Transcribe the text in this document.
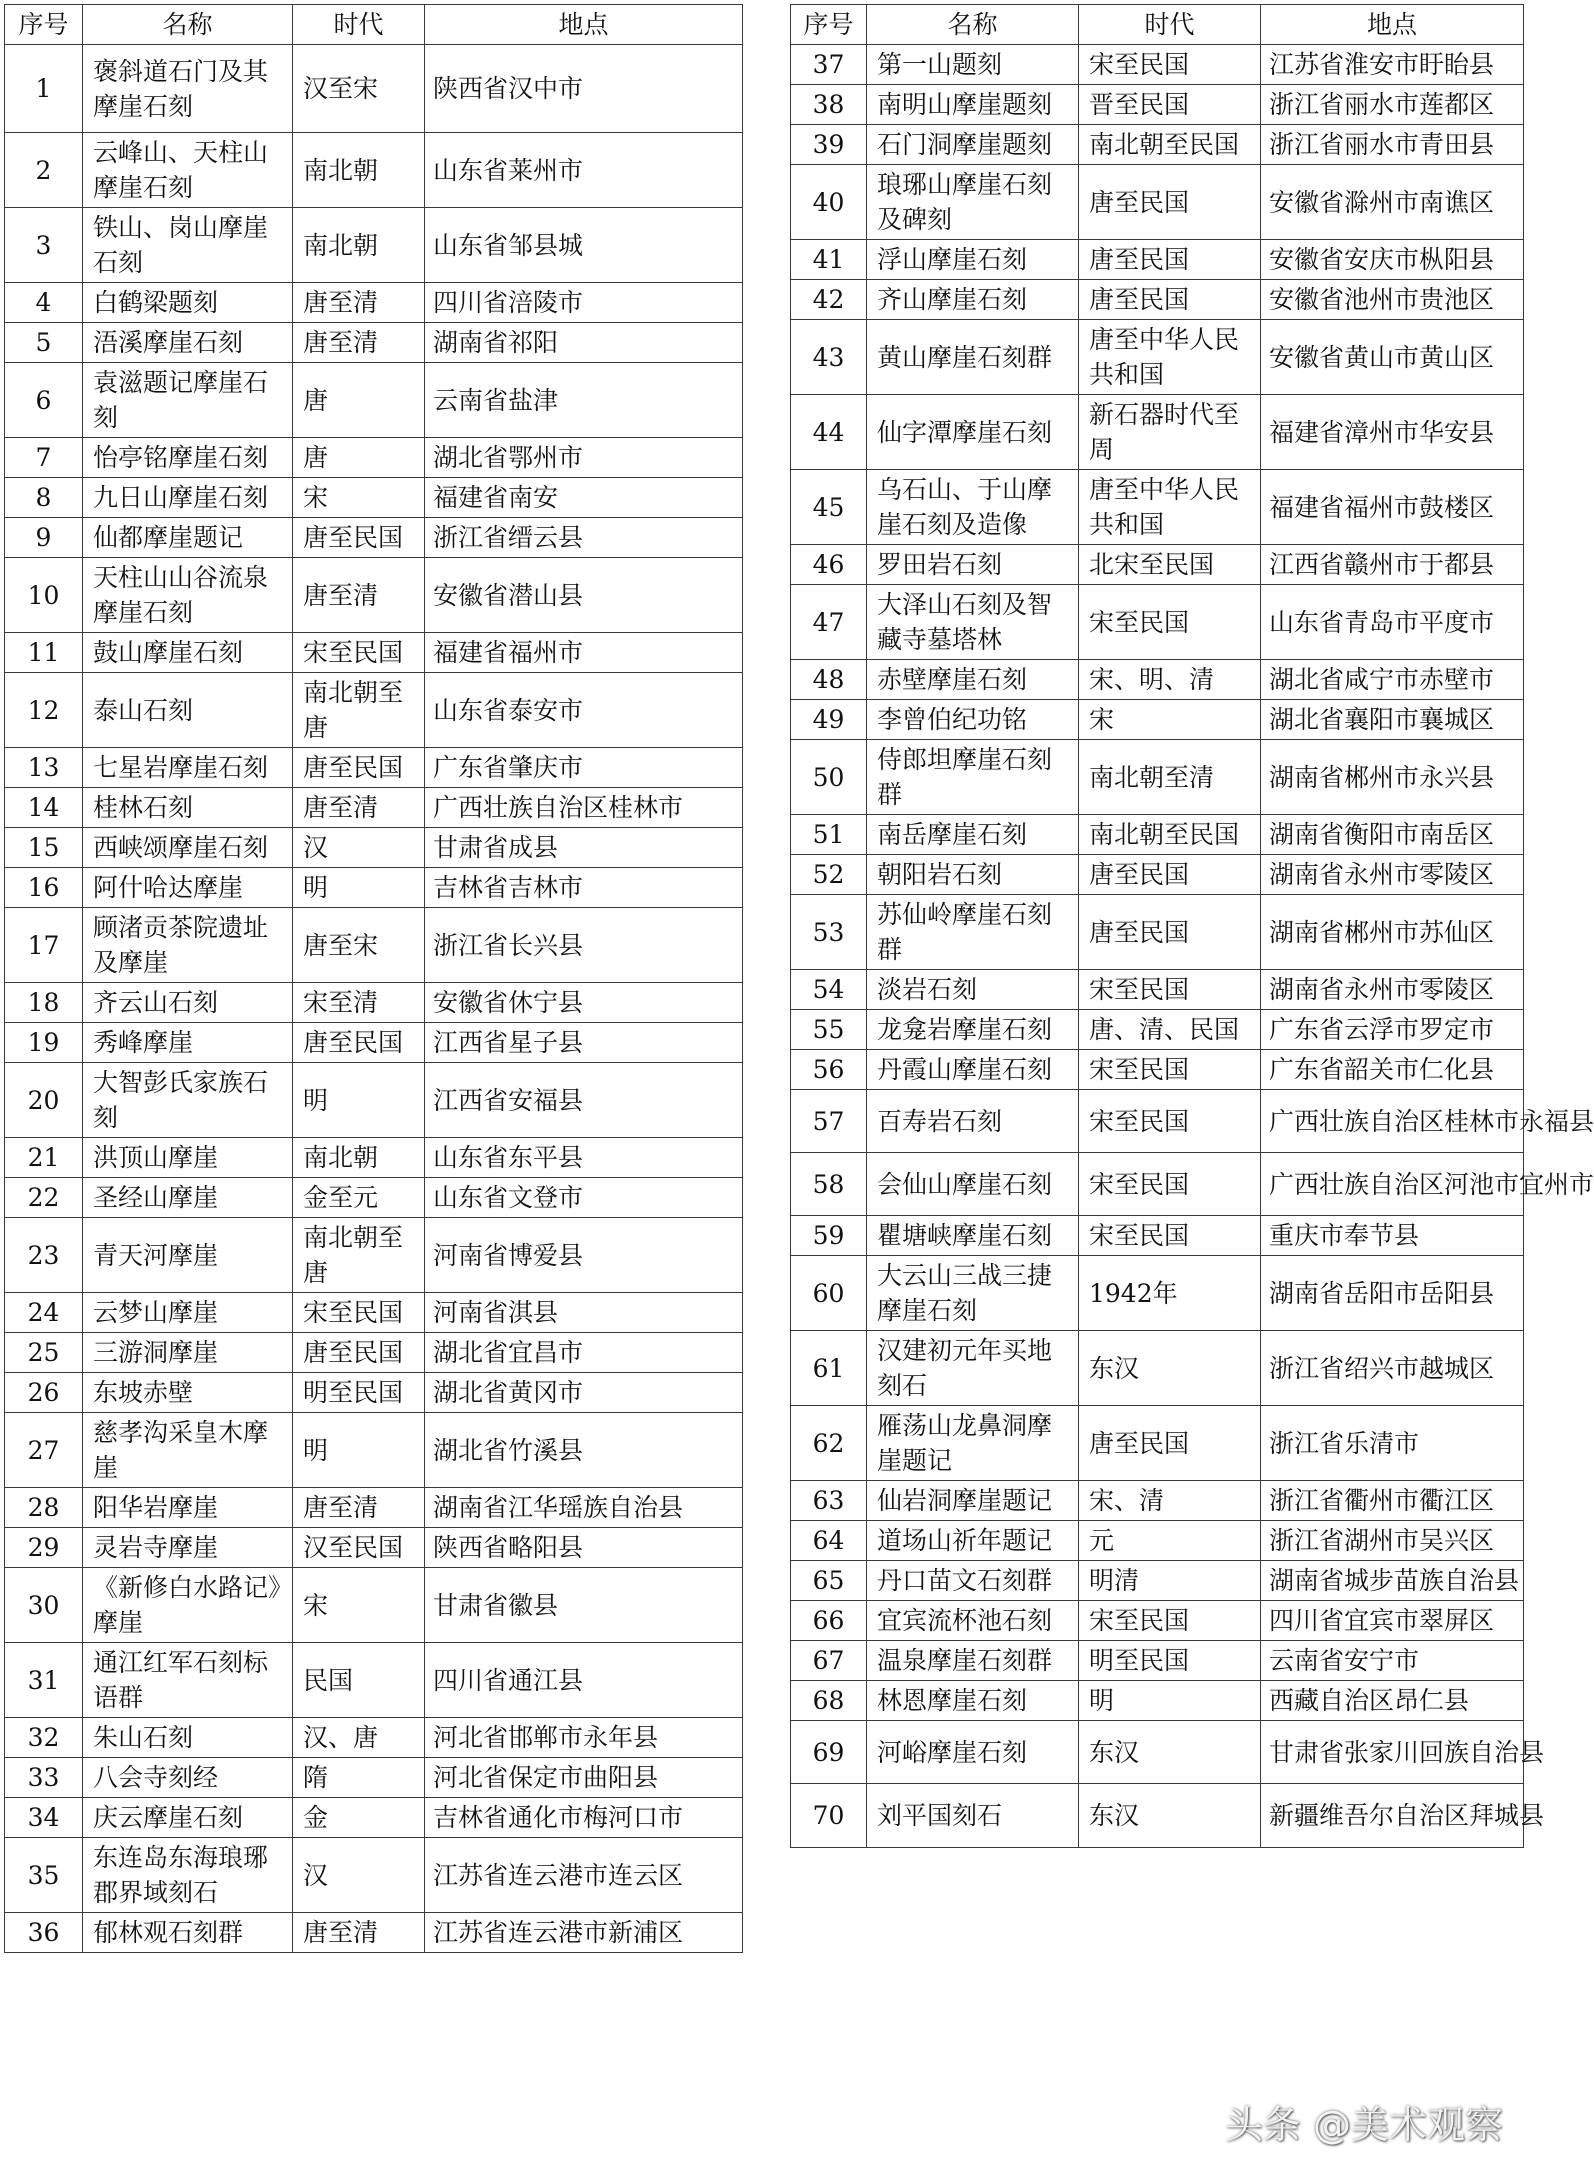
序号	名称	时代	地点
1	褒斜道石门及其摩崖石刻	汉至宋	陕西省汉中市
2	云峰山、天柱山摩崖石刻	南北朝	山东省莱州市
3	铁山、岗山摩崖石刻	南北朝	山东省邹县城
4	白鹤梁题刻	唐至清	四川省涪陵市
5	浯溪摩崖石刻	唐至清	湖南省祁阳
6	袁滋题记摩崖石刻	唐	云南省盐津
7	怡亭铭摩崖石刻	唐	湖北省鄂州市
8	九日山摩崖石刻	宋	福建省南安
9	仙都摩崖题记	唐至民国	浙江省缙云县
10	天柱山山谷流泉摩崖石刻	唐至清	安徽省潜山县
11	鼓山摩崖石刻	宋至民国	福建省福州市
12	泰山石刻	南北朝至唐	山东省泰安市
13	七星岩摩崖石刻	唐至民国	广东省肇庆市
14	桂林石刻	唐至清	广西壮族自治区桂林市
15	西峡颂摩崖石刻	汉	甘肃省成县
16	阿什哈达摩崖	明	吉林省吉林市
17	顾渚贡茶院遗址及摩崖	唐至宋	浙江省长兴县
18	齐云山石刻	宋至清	安徽省休宁县
19	秀峰摩崖	唐至民国	江西省星子县
20	大智彭氏家族石刻	明	江西省安福县
21	洪顶山摩崖	南北朝	山东省东平县
22	圣经山摩崖	金至元	山东省文登市
23	青天河摩崖	南北朝至唐	河南省博爱县
24	云梦山摩崖	宋至民国	河南省淇县
25	三游洞摩崖	唐至民国	湖北省宜昌市
26	东坡赤壁	明至民国	湖北省黄冈市
27	慈孝沟采皇木摩崖	明	湖北省竹溪县
28	阳华岩摩崖	唐至清	湖南省江华瑶族自治县
29	灵岩寺摩崖	汉至民国	陕西省略阳县
30	《新修白水路记》摩崖	宋	甘肃省徽县
31	通江红军石刻标语群	民国	四川省通江县
32	朱山石刻	汉、唐	河北省邯郸市永年县
33	八会寺刻经	隋	河北省保定市曲阳县
34	庆云摩崖石刻	金	吉林省通化市梅河口市
35	东连岛东海琅琊郡界域刻石	汉	江苏省连云港市连云区
36	郁林观石刻群	唐至清	江苏省连云港市新浦区
序号	名称	时代	地点
37	第一山题刻	宋至民国	江苏省淮安市盱眙县
38	南明山摩崖题刻	晋至民国	浙江省丽水市莲都区
39	石门洞摩崖题刻	南北朝至民国	浙江省丽水市青田县
40	琅琊山摩崖石刻及碑刻	唐至民国	安徽省滁州市南谯区
41	浮山摩崖石刻	唐至民国	安徽省安庆市枞阳县
42	齐山摩崖石刻	唐至民国	安徽省池州市贵池区
43	黄山摩崖石刻群	唐至中华人民共和国	安徽省黄山市黄山区
44	仙字潭摩崖石刻	新石器时代至周	福建省漳州市华安县
45	乌石山、于山摩崖石刻及造像	唐至中华人民共和国	福建省福州市鼓楼区
46	罗田岩石刻	北宋至民国	江西省赣州市于都县
47	大泽山石刻及智藏寺墓塔林	宋至民国	山东省青岛市平度市
48	赤壁摩崖石刻	宋、明、清	湖北省咸宁市赤壁市
49	李曾伯纪功铭	宋	湖北省襄阳市襄城区
50	侍郎坦摩崖石刻群	南北朝至清	湖南省郴州市永兴县
51	南岳摩崖石刻	南北朝至民国	湖南省衡阳市南岳区
52	朝阳岩石刻	唐至民国	湖南省永州市零陵区
53	苏仙岭摩崖石刻群	唐至民国	湖南省郴州市苏仙区
54	淡岩石刻	宋至民国	湖南省永州市零陵区
55	龙龛岩摩崖石刻	唐、清、民国	广东省云浮市罗定市
56	丹霞山摩崖石刻	宋至民国	广东省韶关市仁化县
57	百寿岩石刻	宋至民国	广西壮族自治区桂林市永福县
58	会仙山摩崖石刻	宋至民国	广西壮族自治区河池市宜州市
59	瞿塘峡摩崖石刻	宋至民国	重庆市奉节县
60	大云山三战三捷摩崖石刻	1942年	湖南省岳阳市岳阳县
61	汉建初元年买地刻石	东汉	浙江省绍兴市越城区
62	雁荡山龙鼻洞摩崖题记	唐至民国	浙江省乐清市
63	仙岩洞摩崖题记	宋、清	浙江省衢州市衢江区
64	道场山祈年题记	元	浙江省湖州市吴兴区
65	丹口苗文石刻群	明清	湖南省城步苗族自治县
66	宜宾流杯池石刻	宋至民国	四川省宜宾市翠屏区
67	温泉摩崖石刻群	明至民国	云南省安宁市
68	林恩摩崖石刻	明	西藏自治区昂仁县
69	河峪摩崖石刻	东汉	甘肃省张家川回族自治县
70	刘平国刻石	东汉	新疆维吾尔自治区拜城县
头条 @美术观察
